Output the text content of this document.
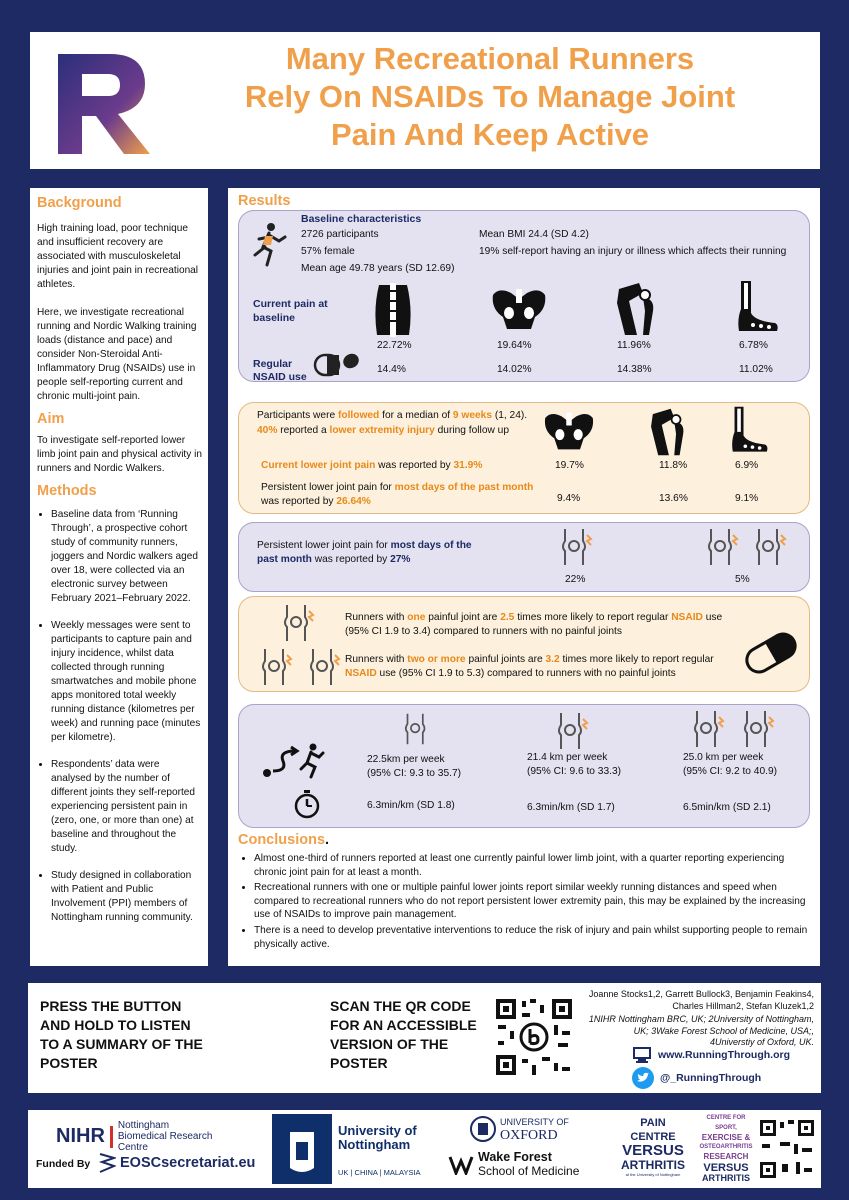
Many Recreational Runners
Rely On NSAIDs To Manage Joint
Pain And Keep Active
Background

High training load, poor technique and insufficient recovery are associated with musculoskeletal injuries and joint pain in recreational athletes.

Here, we investigate recreational running and Nordic Walking training loads (distance and pace) and consider Non-Steroidal Anti-Inflammatory Drug (NSAIDs) use in people self-reporting current and chronic multi-joint pain.

Aim

To investigate self-reported lower limb joint pain and physical activity in runners and Nordic Walkers.

Methods
• Baseline data from ‘Running Through’, a prospective cohort study of community runners, joggers and Nordic walkers aged over 18, were collected via an electronic survey between February 2021–February 2022.
• Weekly messages were sent to participants to capture pain and injury incidence, whilst data collected through running smartwatches and mobile phone apps monitored total weekly running distance (kilometres per week) and running pace (minutes per kilometre).
• Respondents’ data were analysed by the number of different joints they self-reported experiencing persistent pain in (zero, one, or more than one) at baseline and throughout the study.
• Study designed in collaboration with Patient and Public Involvement (PPI) members of Nottingham running community.
Results
Baseline characteristics
2726 participants
57% female
Mean age 49.78 years (SD 12.69)
Mean BMI 24.4 (SD 4.2)
19% self-report having an injury or illness which affects their running
Current pain at baseline
Regular NSAID use
22.72%	19.64%	11.96%	6.78%
14.4%	14.02%	14.38%	11.02%
Participants were followed for a median of 9 weeks (1, 24).
40% reported a lower extremity injury during follow up
Current lower joint pain was reported by 31.9%
Persistent lower joint pain for most days of the past month was reported by 26.64%
19.7%	11.8%	6.9%
9.4%	13.6%	9.1%
Persistent lower joint pain for most days of the past month was reported by 27%
22%	5%
Runners with one painful joint are 2.5 times more likely to report regular NSAID use (95% CI 1.9 to 3.4) compared to runners with no painful joints
Runners with two or more painful joints are 3.2 times more likely to report regular NSAID use (95% CI 1.9 to 5.3) compared to runners with no painful joints
22.5km per week
(95% CI: 9.3 to 35.7)
21.4 km per week
(95% CI: 9.6 to 33.3)
25.0 km per week
(95% CI: 9.2 to 40.9)
6.3min/km (SD 1.8)	6.3min/km (SD 1.7)	6.5min/km (SD 2.1)
Conclusions.
• Almost one-third of runners reported at least one currently painful lower limb joint, with a quarter reporting experiencing chronic joint pain for at least a month.
• Recreational runners with one or multiple painful lower joints report similar weekly running distances and speed when compared to recreational runners who do not report persistent lower extremity pain, this may be explained by the increasing use of NSAIDs to improve pain management.
• There is a need to develop preventative interventions to reduce the risk of injury and pain whilst supporting people to remain physically active.
PRESS THE BUTTON AND HOLD TO LISTEN TO A SUMMARY OF THE POSTER
SCAN THE QR CODE FOR AN ACCESSIBLE VERSION OF THE POSTER
Joanne Stocks1,2, Garrett Bullock3, Benjamin Feakins4, Charles Hillman2, Stefan Kluzek1,2
1NIHR Nottingham BRC, UK; 2University of Nottingham, UK; 3Wake Forest School of Medicine, USA;, 4Universtiy of Oxford, UK.
www.RunningThrough.org
@_RunningThrough
NIHR Nottingham Biomedical Research Centre
Funded By EOSCsecretariat.eu
University of Nottingham
UK | CHINA | MALAYSIA
UNIVERSITY OF
OXFORD
Wake Forest
School of Medicine
PAIN CENTRE
VERSUS
ARTHRITIS
at the University of Nottingham
CENTRE FOR SPORT,
EXERCISE &
OSTEOARTHRITIS
RESEARCH
VERSUS
ARTHRITIS
